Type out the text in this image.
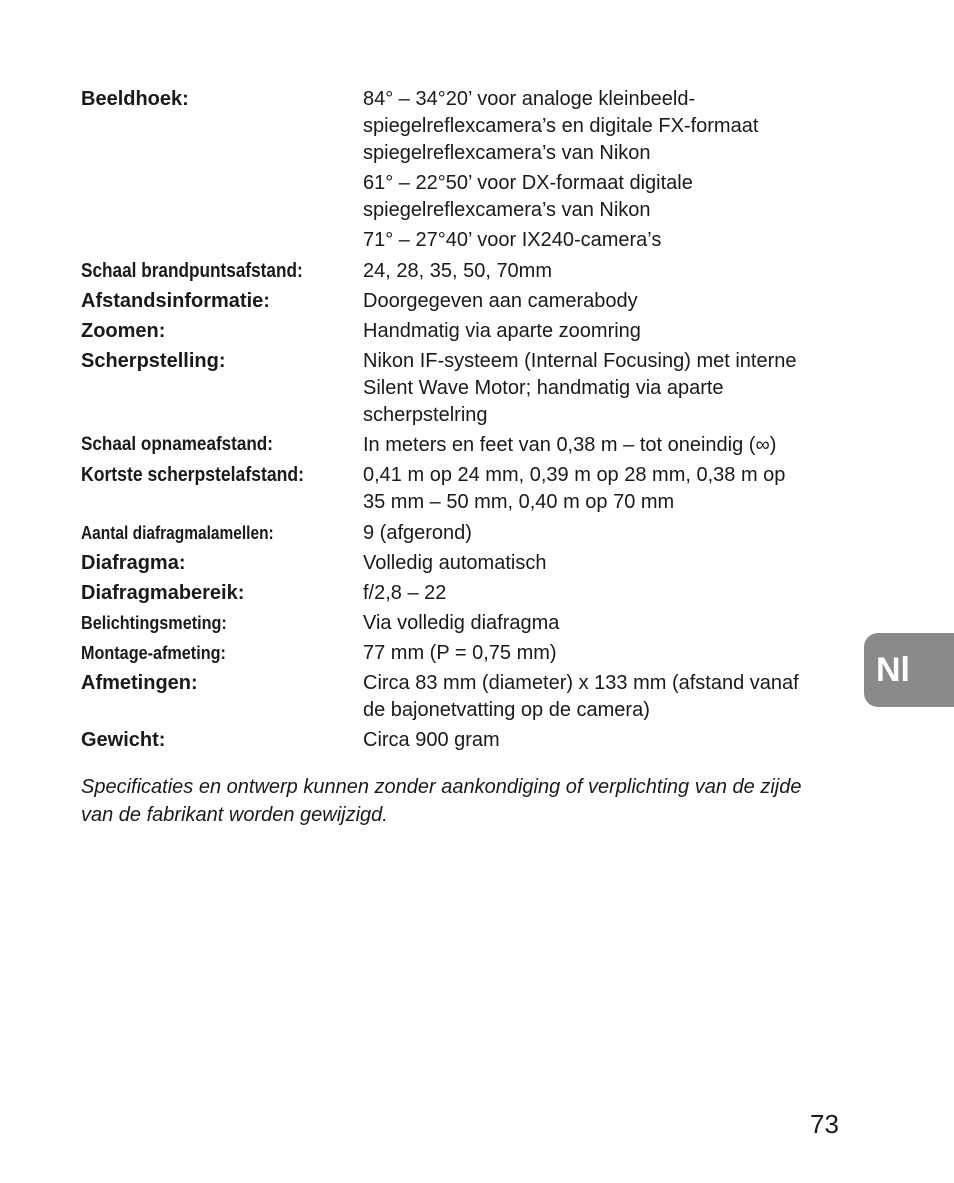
Beeldhoek:	84° – 34°20’ voor analoge kleinbeeld-
spiegelreflexcamera’s en digitale FX-formaat
spiegelreflexcamera’s van Nikon
61° – 22°50’ voor DX-formaat digitale
spiegelreflexcamera’s van Nikon
71° – 27°40’ voor IX240-camera’s
Schaal brandpuntsafstand:	24, 28, 35, 50, 70mm
Afstandsinformatie:	Doorgegeven aan camerabody
Zoomen:	Handmatig via aparte zoomring
Scherpstelling:	Nikon IF-systeem (Internal Focusing) met interne
Silent Wave Motor; handmatig via aparte
scherpstelring
Schaal opnameafstand:	In meters en feet van 0,38 m – tot oneindig (∞)
Kortste scherpstelafstand:	0,41 m op 24 mm, 0,39 m op 28 mm, 0,38 m op
35 mm – 50 mm, 0,40 m op 70 mm
Aantal diafragmalamellen:	9 (afgerond)
Diafragma:	Volledig automatisch
Diafragmabereik:	f/2,8 – 22
Belichtingsmeting:	Via volledig diafragma
Montage-afmeting:	77 mm (P = 0,75 mm)
Afmetingen:	Circa 83 mm (diameter) x 133 mm (afstand vanaf
de bajonetvatting op de camera)
Gewicht:	Circa 900 gram
Specificaties en ontwerp kunnen zonder aankondiging of verplichting van de zijde
van de fabrikant worden gewijzigd.
Nl
73
